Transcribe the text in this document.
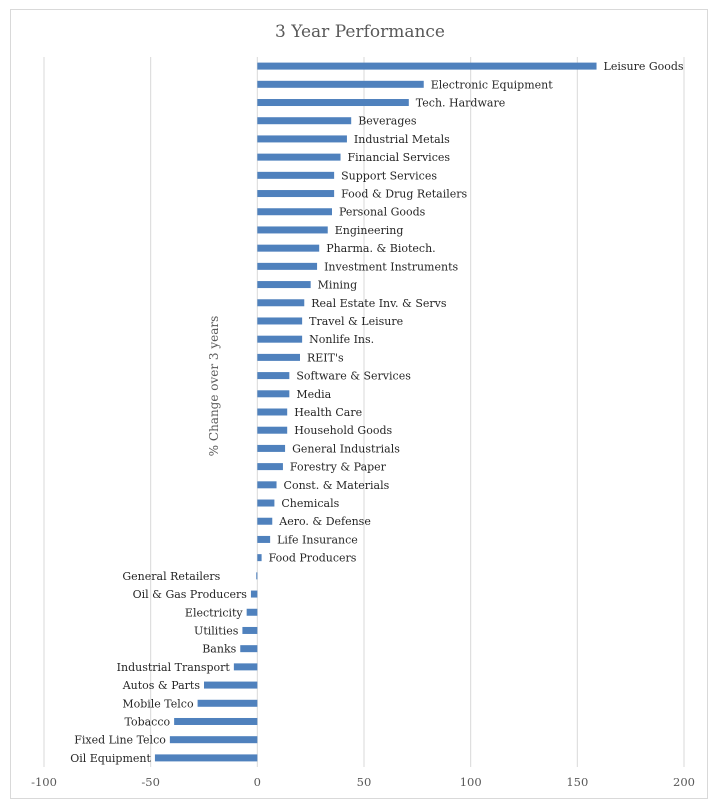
3 Year Performance
Leisure Goods
Electronic Equipment
Tech. Hardware
Beverages
Industrial Metals
Financial Services
Support Services
Food & Drug Retailers
Personal Goods
Engineering
Pharma. & Biotech.
Investment Instruments
Mining
Real Estate Inv. & Servs
Travel & Leisure
Nonlife Ins.
REIT's
Software & Services
Media
Health Care
Household Goods
General Industrials
Forestry & Paper
Const. & Materials
Chemicals
Aero. & Defense
Life Insurance
Food Producers
General Retailers
Oil & Gas Producers
Electricity
Utilities
Banks
Industrial Transport
Autos & Parts
Mobile Telco
Tobacco
Fixed Line Telco
Oil Equipment
-100	-50	0	50	100	150	200
% Change over 3 years
